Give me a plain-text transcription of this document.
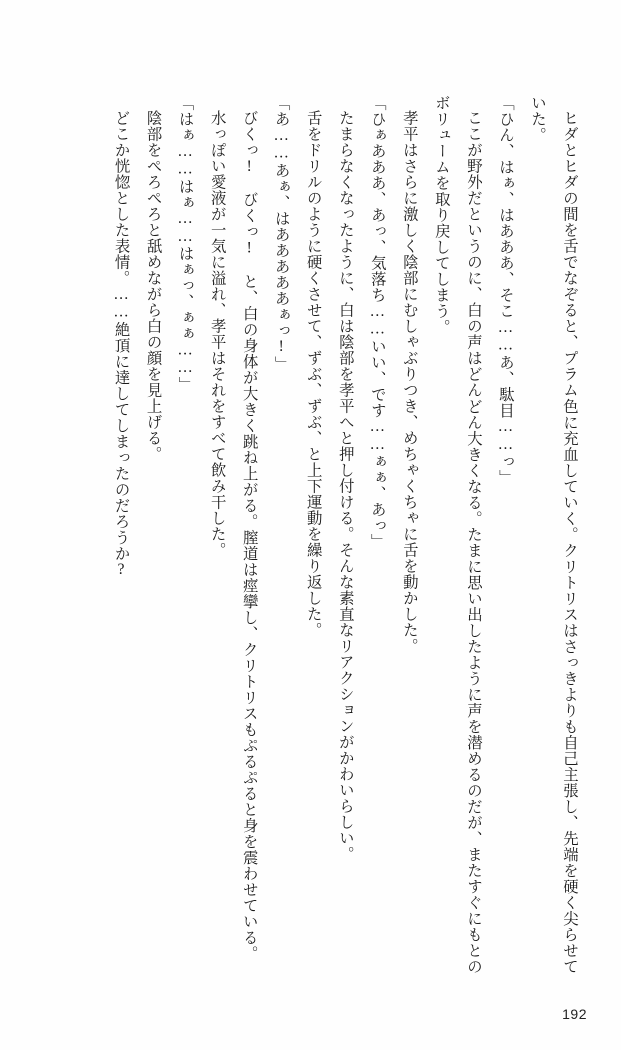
ヒダとヒダの間を舌でなぞると、プラム色に充血していく。クリトリスはさっきよりも自己主張し、先端を硬く尖らせていた。

「ひん、はぁ、はあああ、そこ……あ、駄目……っ」

ここが野外だというのに、白の声はどんどん大きくなる。たまに思い出したように声を潜めるのだが、またすぐにもとのボリュームを取り戻してしまう。

孝平はさらに激しく陰部にむしゃぶりつき、めちゃくちゃに舌を動かした。

「ひぁあああ、あっ、気落ち……いい、です……ぁぁ、あっ」

たまらなくなったように、白は陰部を孝平へと押し付ける。そんな素直なリアクションがかわいらしい。

舌をドリルのように硬くさせて、ずぶ、ずぶ、と上下運動を繰り返した。

「あ……あぁ、はあああああぁっ!」

びくっ!　びくっ!　と、白の身体が大きく跳ね上がる。膣道は痙攣し、クリトリスもぷるぷると身を震わせている。

水っぽい愛液が一気に溢れ、孝平はそれをすべて飲み干した。

「はぁ……はぁ……はぁっ、ぁぁ……」

陰部をぺろぺろと舐めながら白の顔を見上げる。

どこか恍惚とした表情。……絶頂に達してしまったのだろうか?

192
